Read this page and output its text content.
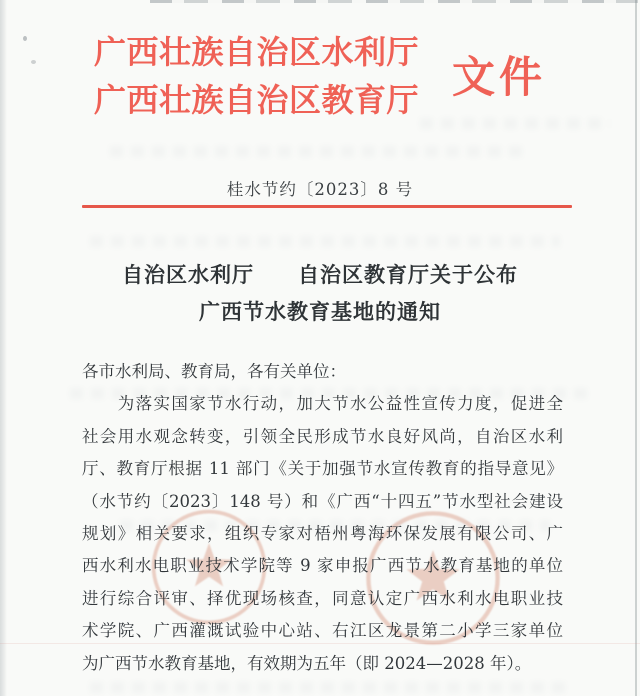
广西壮族自治区水利厅
广西壮族自治区教育厅 文件
桂水节约〔2023〕8 号
自治区水利厅　　自治区教育厅关于公布
广西节水教育基地的通知
各市水利局、教育局，各有关单位：
　　为落实国家节水行动，加大节水公益性宣传力度，促进全
社会用水观念转变，引领全民形成节水良好风尚，自治区水利
厅、教育厅根据 11 部门《关于加强节水宣传教育的指导意见》
（水节约〔2023〕148 号）和《广西“十四五”节水型社会建设
规划》相关要求，组织专家对梧州粤海环保发展有限公司、广
西水利水电职业技术学院等 9 家申报广西节水教育基地的单位
进行综合评审、择优现场核查，同意认定广西水利水电职业技
术学院、广西灌溉试验中心站、右江区龙景第二小学三家单位
为广西节水教育基地，有效期为五年（即 2024—2028 年）。
